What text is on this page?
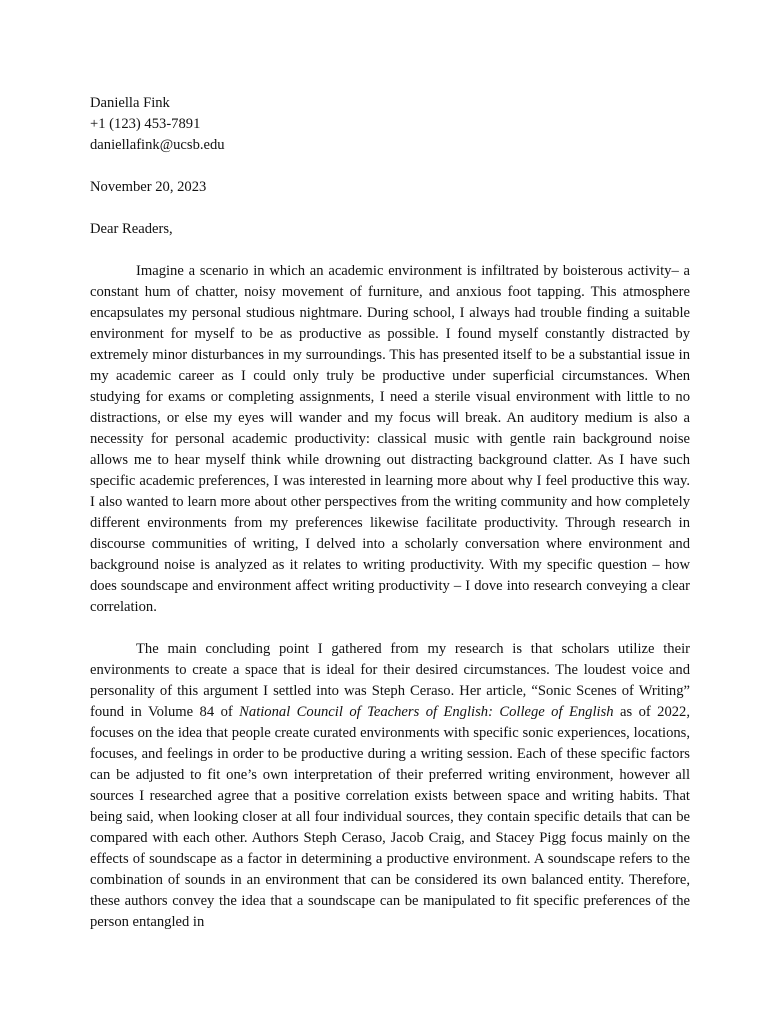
Daniella Fink
+1 (123) 453-7891
daniellafink@ucsb.edu
November 20, 2023
Dear Readers,

Imagine a scenario in which an academic environment is infiltrated by boisterous activity– a constant hum of chatter, noisy movement of furniture, and anxious foot tapping. This atmosphere encapsulates my personal studious nightmare. During school, I always had trouble finding a suitable environment for myself to be as productive as possible. I found myself constantly distracted by extremely minor disturbances in my surroundings. This has presented itself to be a substantial issue in my academic career as I could only truly be productive under superficial circumstances. When studying for exams or completing assignments, I need a sterile visual environment with little to no distractions, or else my eyes will wander and my focus will break. An auditory medium is also a necessity for personal academic productivity: classical music with gentle rain background noise allows me to hear myself think while drowning out distracting background clatter. As I have such specific academic preferences, I was interested in learning more about why I feel productive this way. I also wanted to learn more about other perspectives from the writing community and how completely different environments from my preferences likewise facilitate productivity. Through research in discourse communities of writing, I delved into a scholarly conversation where environment and background noise is analyzed as it relates to writing productivity. With my specific question – how does soundscape and environment affect writing productivity – I dove into research conveying a clear correlation.

The main concluding point I gathered from my research is that scholars utilize their environments to create a space that is ideal for their desired circumstances. The loudest voice and personality of this argument I settled into was Steph Ceraso. Her article, “Sonic Scenes of Writing” found in Volume 84 of National Council of Teachers of English: College of English as of 2022, focuses on the idea that people create curated environments with specific sonic experiences, locations, focuses, and feelings in order to be productive during a writing session. Each of these specific factors can be adjusted to fit one’s own interpretation of their preferred writing environment, however all sources I researched agree that a positive correlation exists between space and writing habits. That being said, when looking closer at all four individual sources, they contain specific details that can be compared with each other. Authors Steph Ceraso, Jacob Craig, and Stacey Pigg focus mainly on the effects of soundscape as a factor in determining a productive environment. A soundscape refers to the combination of sounds in an environment that can be considered its own balanced entity. Therefore, these authors convey the idea that a soundscape can be manipulated to fit specific preferences of the person entangled in
